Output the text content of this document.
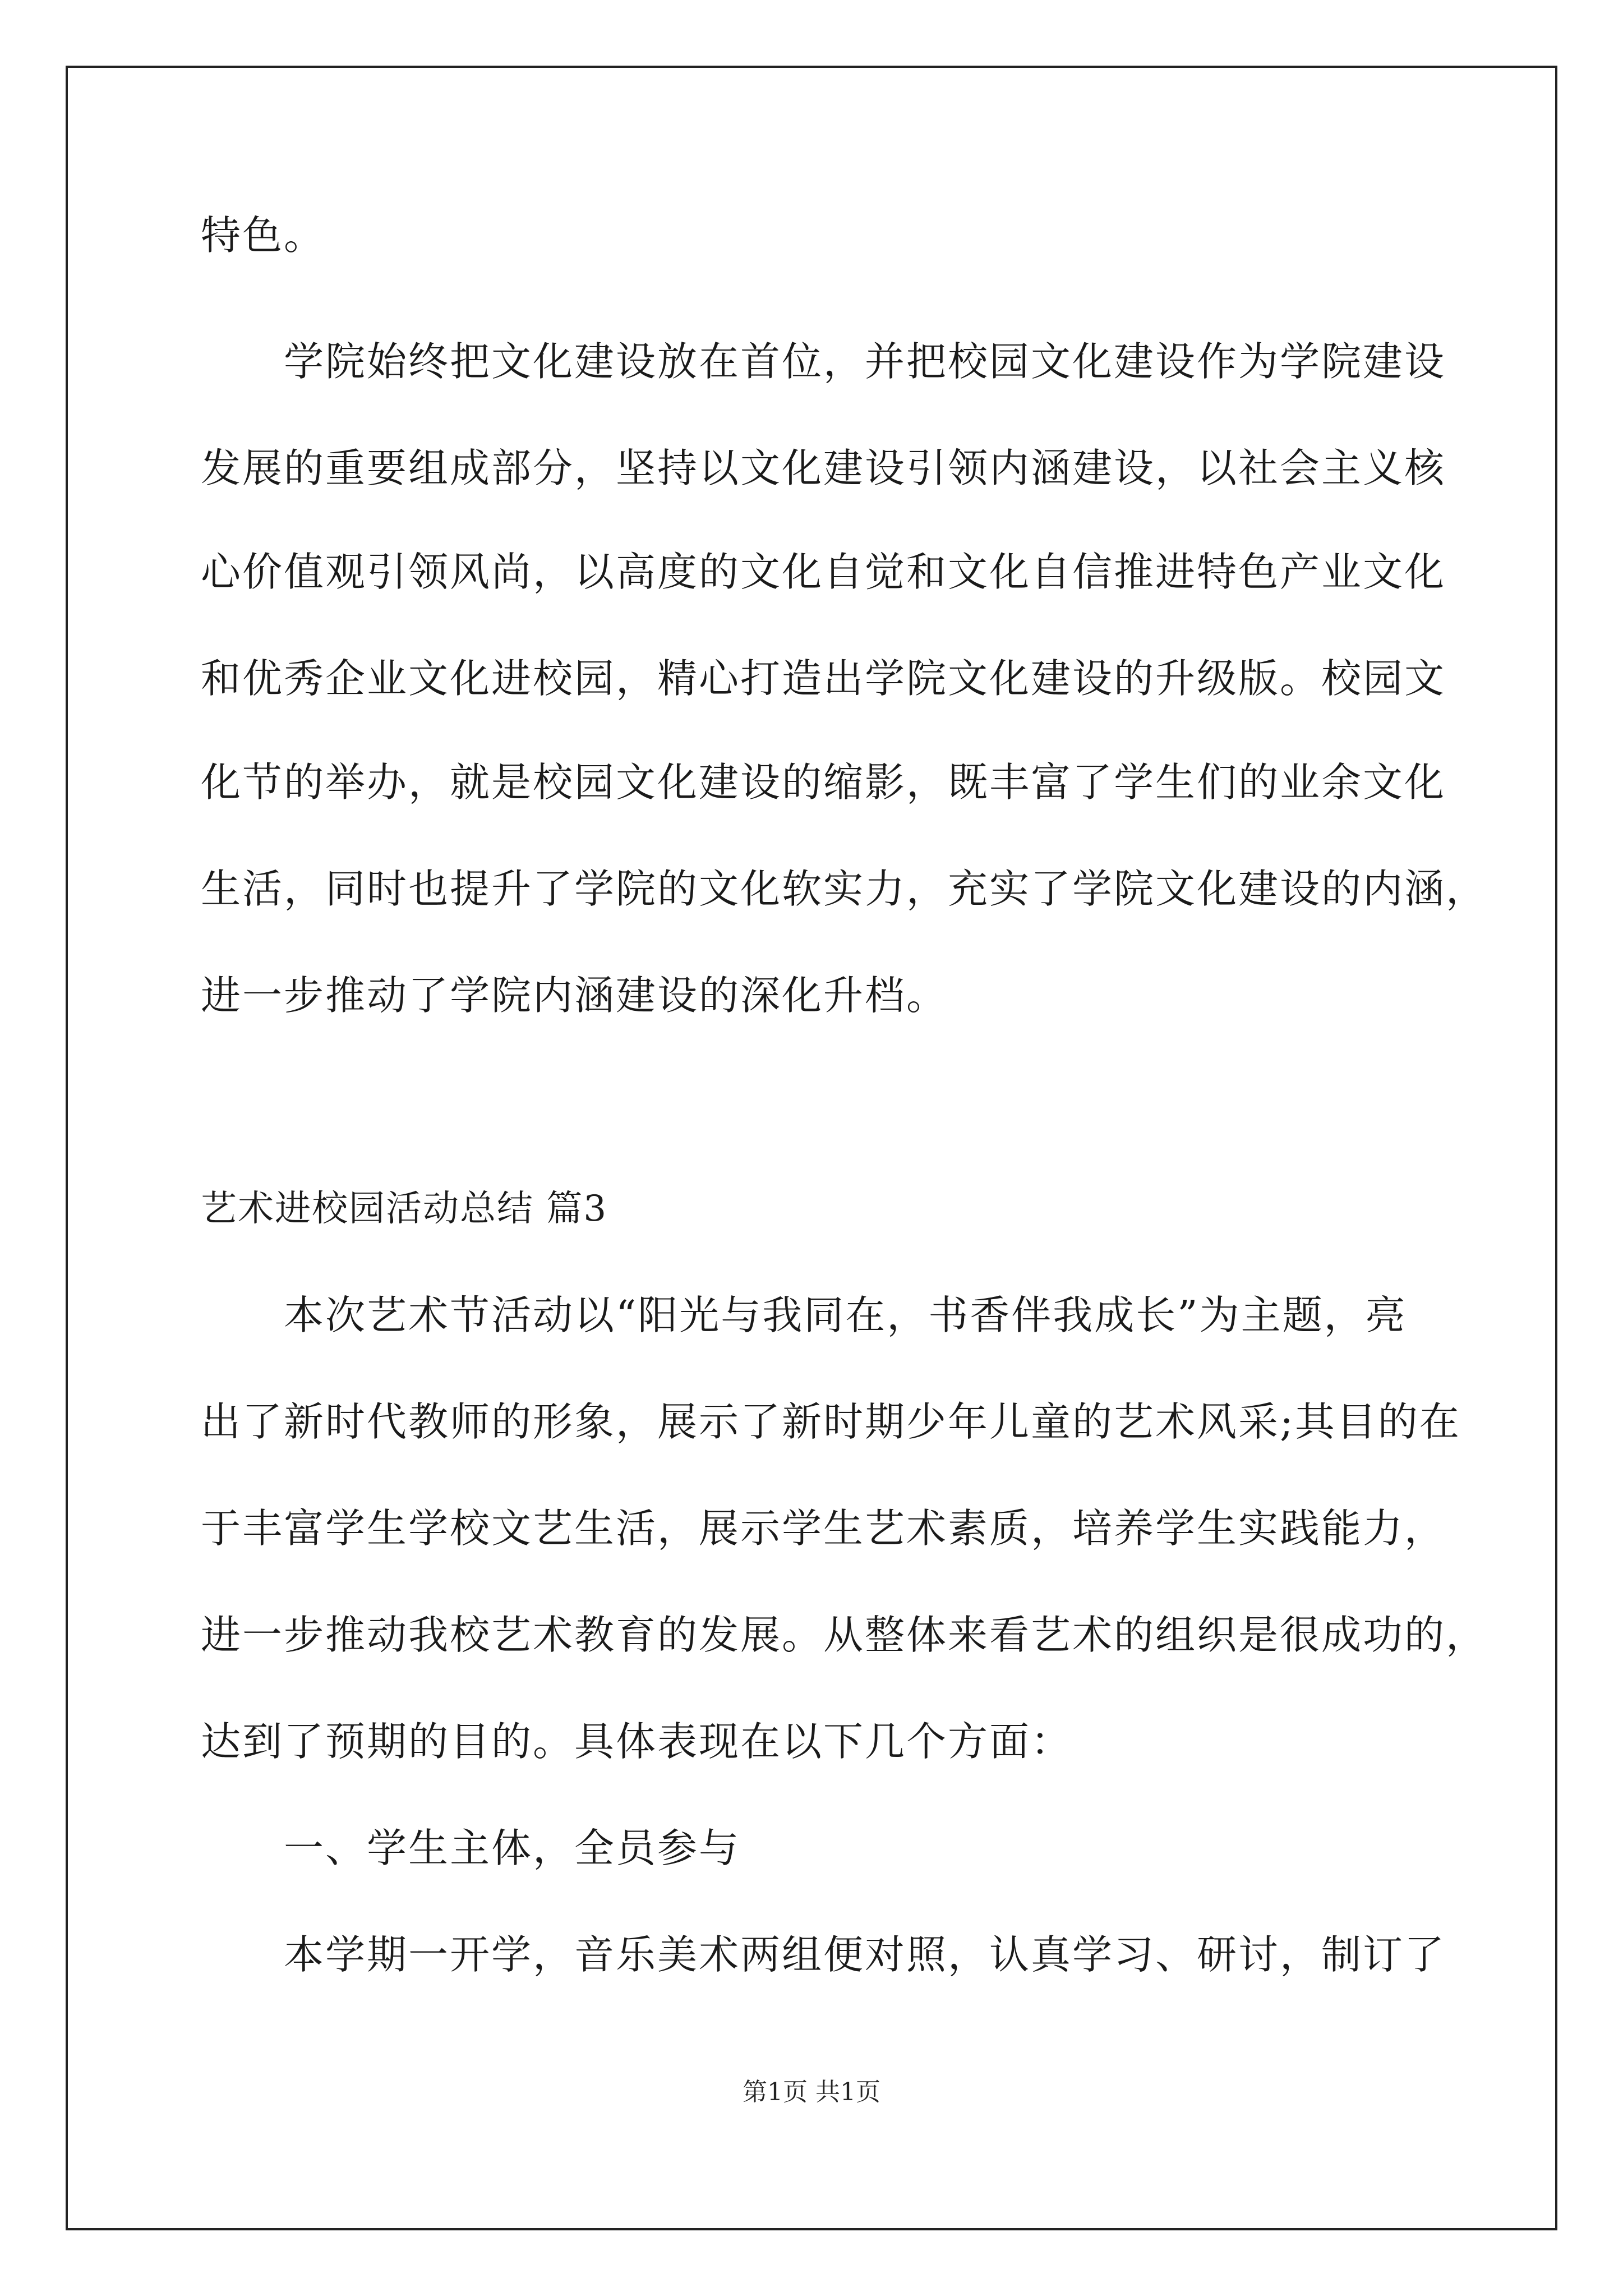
特色。
学院始终把文化建设放在首位，并把校园文化建设作为学院建设
发展的重要组成部分，坚持以文化建设引领内涵建设，以社会主义核
心价值观引领风尚，以高度的文化自觉和文化自信推进特色产业文化
和优秀企业文化进校园，精心打造出学院文化建设的升级版。校园文
化节的举办，就是校园文化建设的缩影，既丰富了学生们的业余文化
生活，同时也提升了学院的文化软实力，充实了学院文化建设的内涵，
进一步推动了学院内涵建设的深化升档。
艺术进校园活动总结 篇3
本次艺术节活动以“阳光与我同在，书香伴我成长”为主题，亮
出了新时代教师的形象，展示了新时期少年儿童的艺术风采;其目的在
于丰富学生学校文艺生活，展示学生艺术素质，培养学生实践能力，
进一步推动我校艺术教育的发展。从整体来看艺术的组织是很成功的，
达到了预期的目的。具体表现在以下几个方面：
一、学生主体，全员参与
本学期一开学，音乐美术两组便对照，认真学习、研讨，制订了
第1页 共1页
